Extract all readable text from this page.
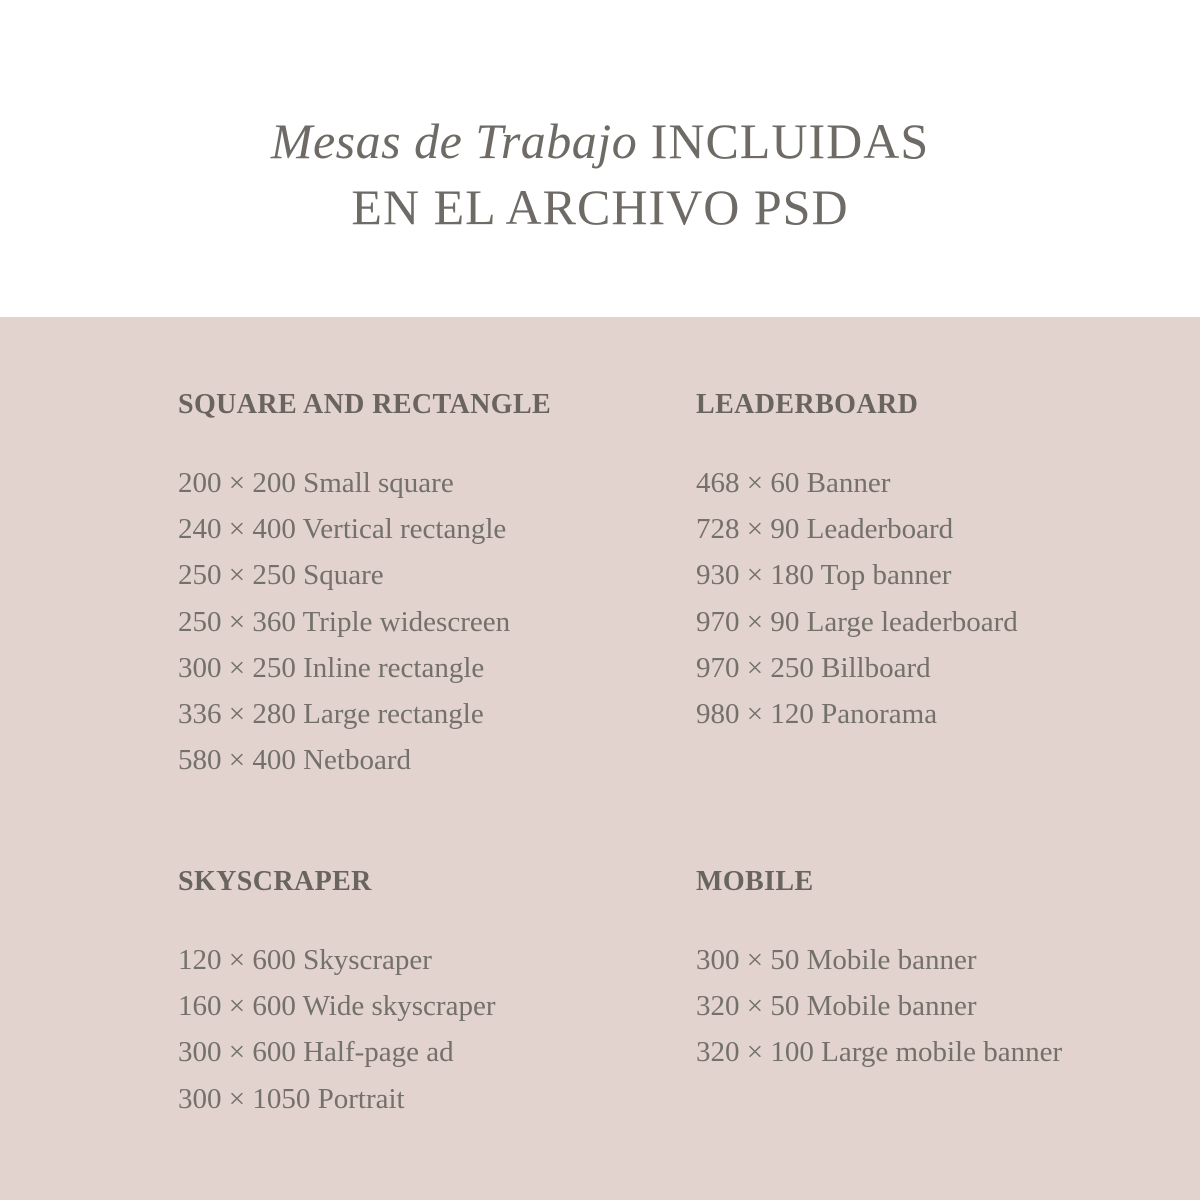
Mesas de Trabajo INCLUIDAS
EN EL ARCHIVO PSD
SQUARE AND RECTANGLE
200 × 200 Small square
240 × 400 Vertical rectangle
250 × 250 Square
250 × 360 Triple widescreen
300 × 250 Inline rectangle
336 × 280 Large rectangle
580 × 400 Netboard
LEADERBOARD
468 × 60 Banner
728 × 90 Leaderboard
930 × 180 Top banner
970 × 90 Large leaderboard
970 × 250 Billboard
980 × 120 Panorama
SKYSCRAPER
120 × 600 Skyscraper
160 × 600 Wide skyscraper
300 × 600 Half-page ad
300 × 1050 Portrait
MOBILE
300 × 50 Mobile banner
320 × 50 Mobile banner
320 × 100 Large mobile banner
